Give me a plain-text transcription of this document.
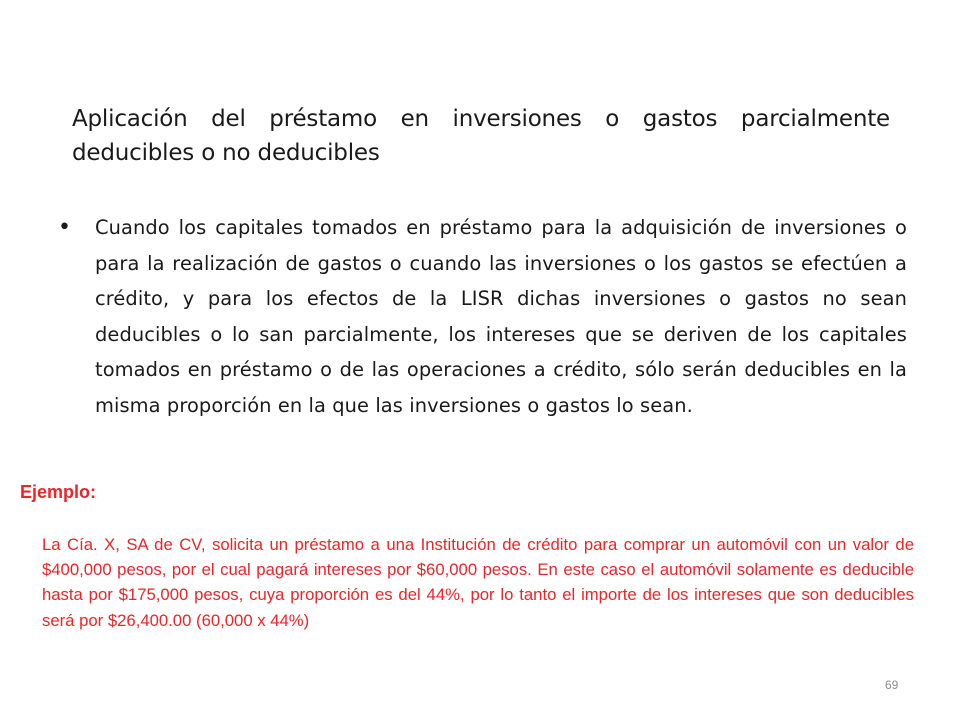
Aplicación del préstamo en inversiones o gastos parcialmente deducibles o no deducibles
• Cuando los capitales tomados en préstamo para la adquisición de inversiones o para la realización de gastos o cuando las inversiones o los gastos se efectúen a crédito, y para los efectos de la LISR dichas inversiones o gastos no sean deducibles o lo san parcialmente, los intereses que se deriven de los capitales tomados en préstamo o de las operaciones a crédito, sólo serán deducibles en la misma proporción en la que las inversiones o gastos lo sean.

Ejemplo:

La Cía. X, SA de CV, solicita un préstamo a una Institución de crédito para comprar un automóvil con un valor de $400,000 pesos, por el cual pagará intereses por $60,000 pesos. En este caso el automóvil solamente es deducible hasta por $175,000 pesos, cuya proporción es del 44%, por lo tanto el importe de los intereses que son deducibles será por $26,400.00 (60,000 x 44%)

69
